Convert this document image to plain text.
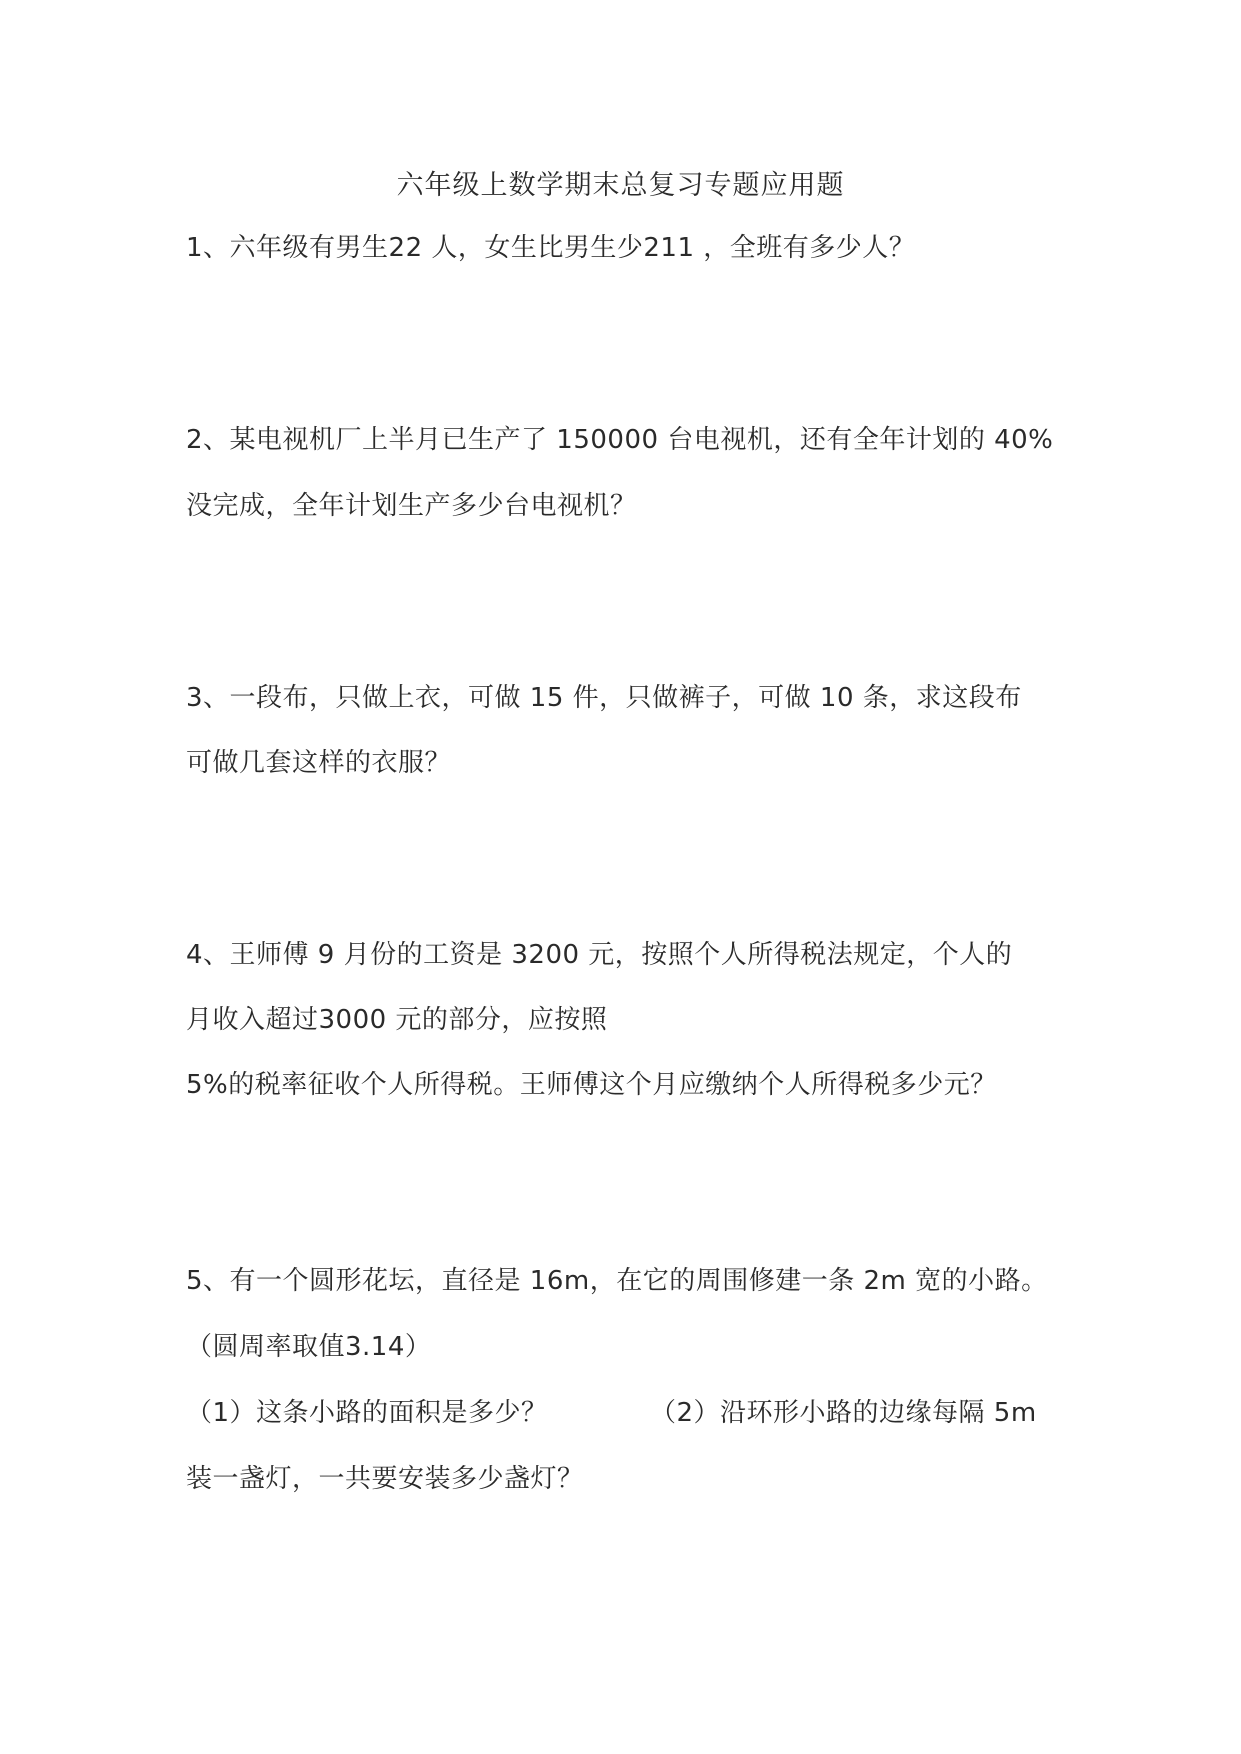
六年级上数学期末总复习专题应用题
1、六年级有男生22 人，女生比男生少211 ，全班有多少人？
2、某电视机厂上半月已生产了 150000 台电视机，还有全年计划的 40%
没完成，全年计划生产多少台电视机？
3、一段布，只做上衣，可做 15 件，只做裤子，可做 10 条，求这段布
可做几套这样的衣服？
4、王师傅 9 月份的工资是 3200 元，按照个人所得税法规定，个人的
月收入超过3000 元的部分，应按照
5%的税率征收个人所得税。王师傅这个月应缴纳个人所得税多少元？
5、有一个圆形花坛，直径是 16m，在它的周围修建一条 2m 宽的小路。
（圆周率取值3.14）
（1）这条小路的面积是多少？	（2）沿环形小路的边缘每隔 5m
装一盏灯，一共要安装多少盏灯？
